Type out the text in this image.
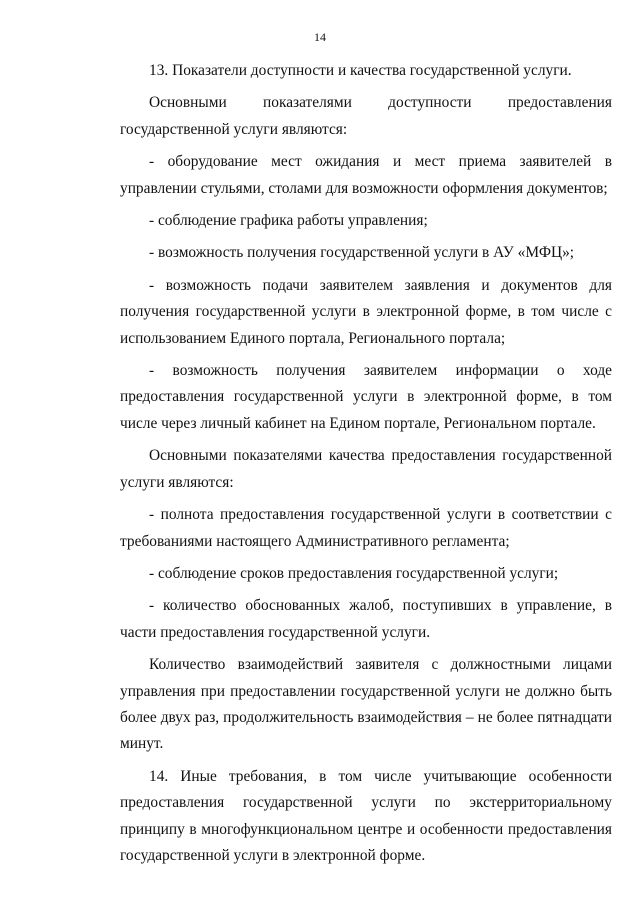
14

13. Показатели доступности и качества государственной услуги.

Основными показателями доступности предоставления государственной услуги являются:

- оборудование мест ожидания и мест приема заявителей в управлении стульями, столами для возможности оформления документов;

- соблюдение графика работы управления;

- возможность получения государственной услуги в АУ «МФЦ»;

- возможность подачи заявителем заявления и документов для получения государственной услуги в электронной форме, в том числе с использованием Единого портала, Регионального портала;

- возможность получения заявителем информации о ходе предоставления государственной услуги в электронной форме, в том числе через личный кабинет на Едином портале, Региональном портале.

Основными показателями качества предоставления государственной услуги являются:

- полнота предоставления государственной услуги в соответствии с требованиями настоящего Административного регламента;

- соблюдение сроков предоставления государственной услуги;

- количество обоснованных жалоб, поступивших в управление, в части предоставления государственной услуги.

Количество взаимодействий заявителя с должностными лицами управления при предоставлении государственной услуги не должно быть более двух раз, продолжительность взаимодействия – не более пятнадцати минут.

14. Иные требования, в том числе учитывающие особенности предоставления государственной услуги по экстерриториальному принципу в многофункциональном центре и особенности предоставления государственной услуги в электронной форме.
